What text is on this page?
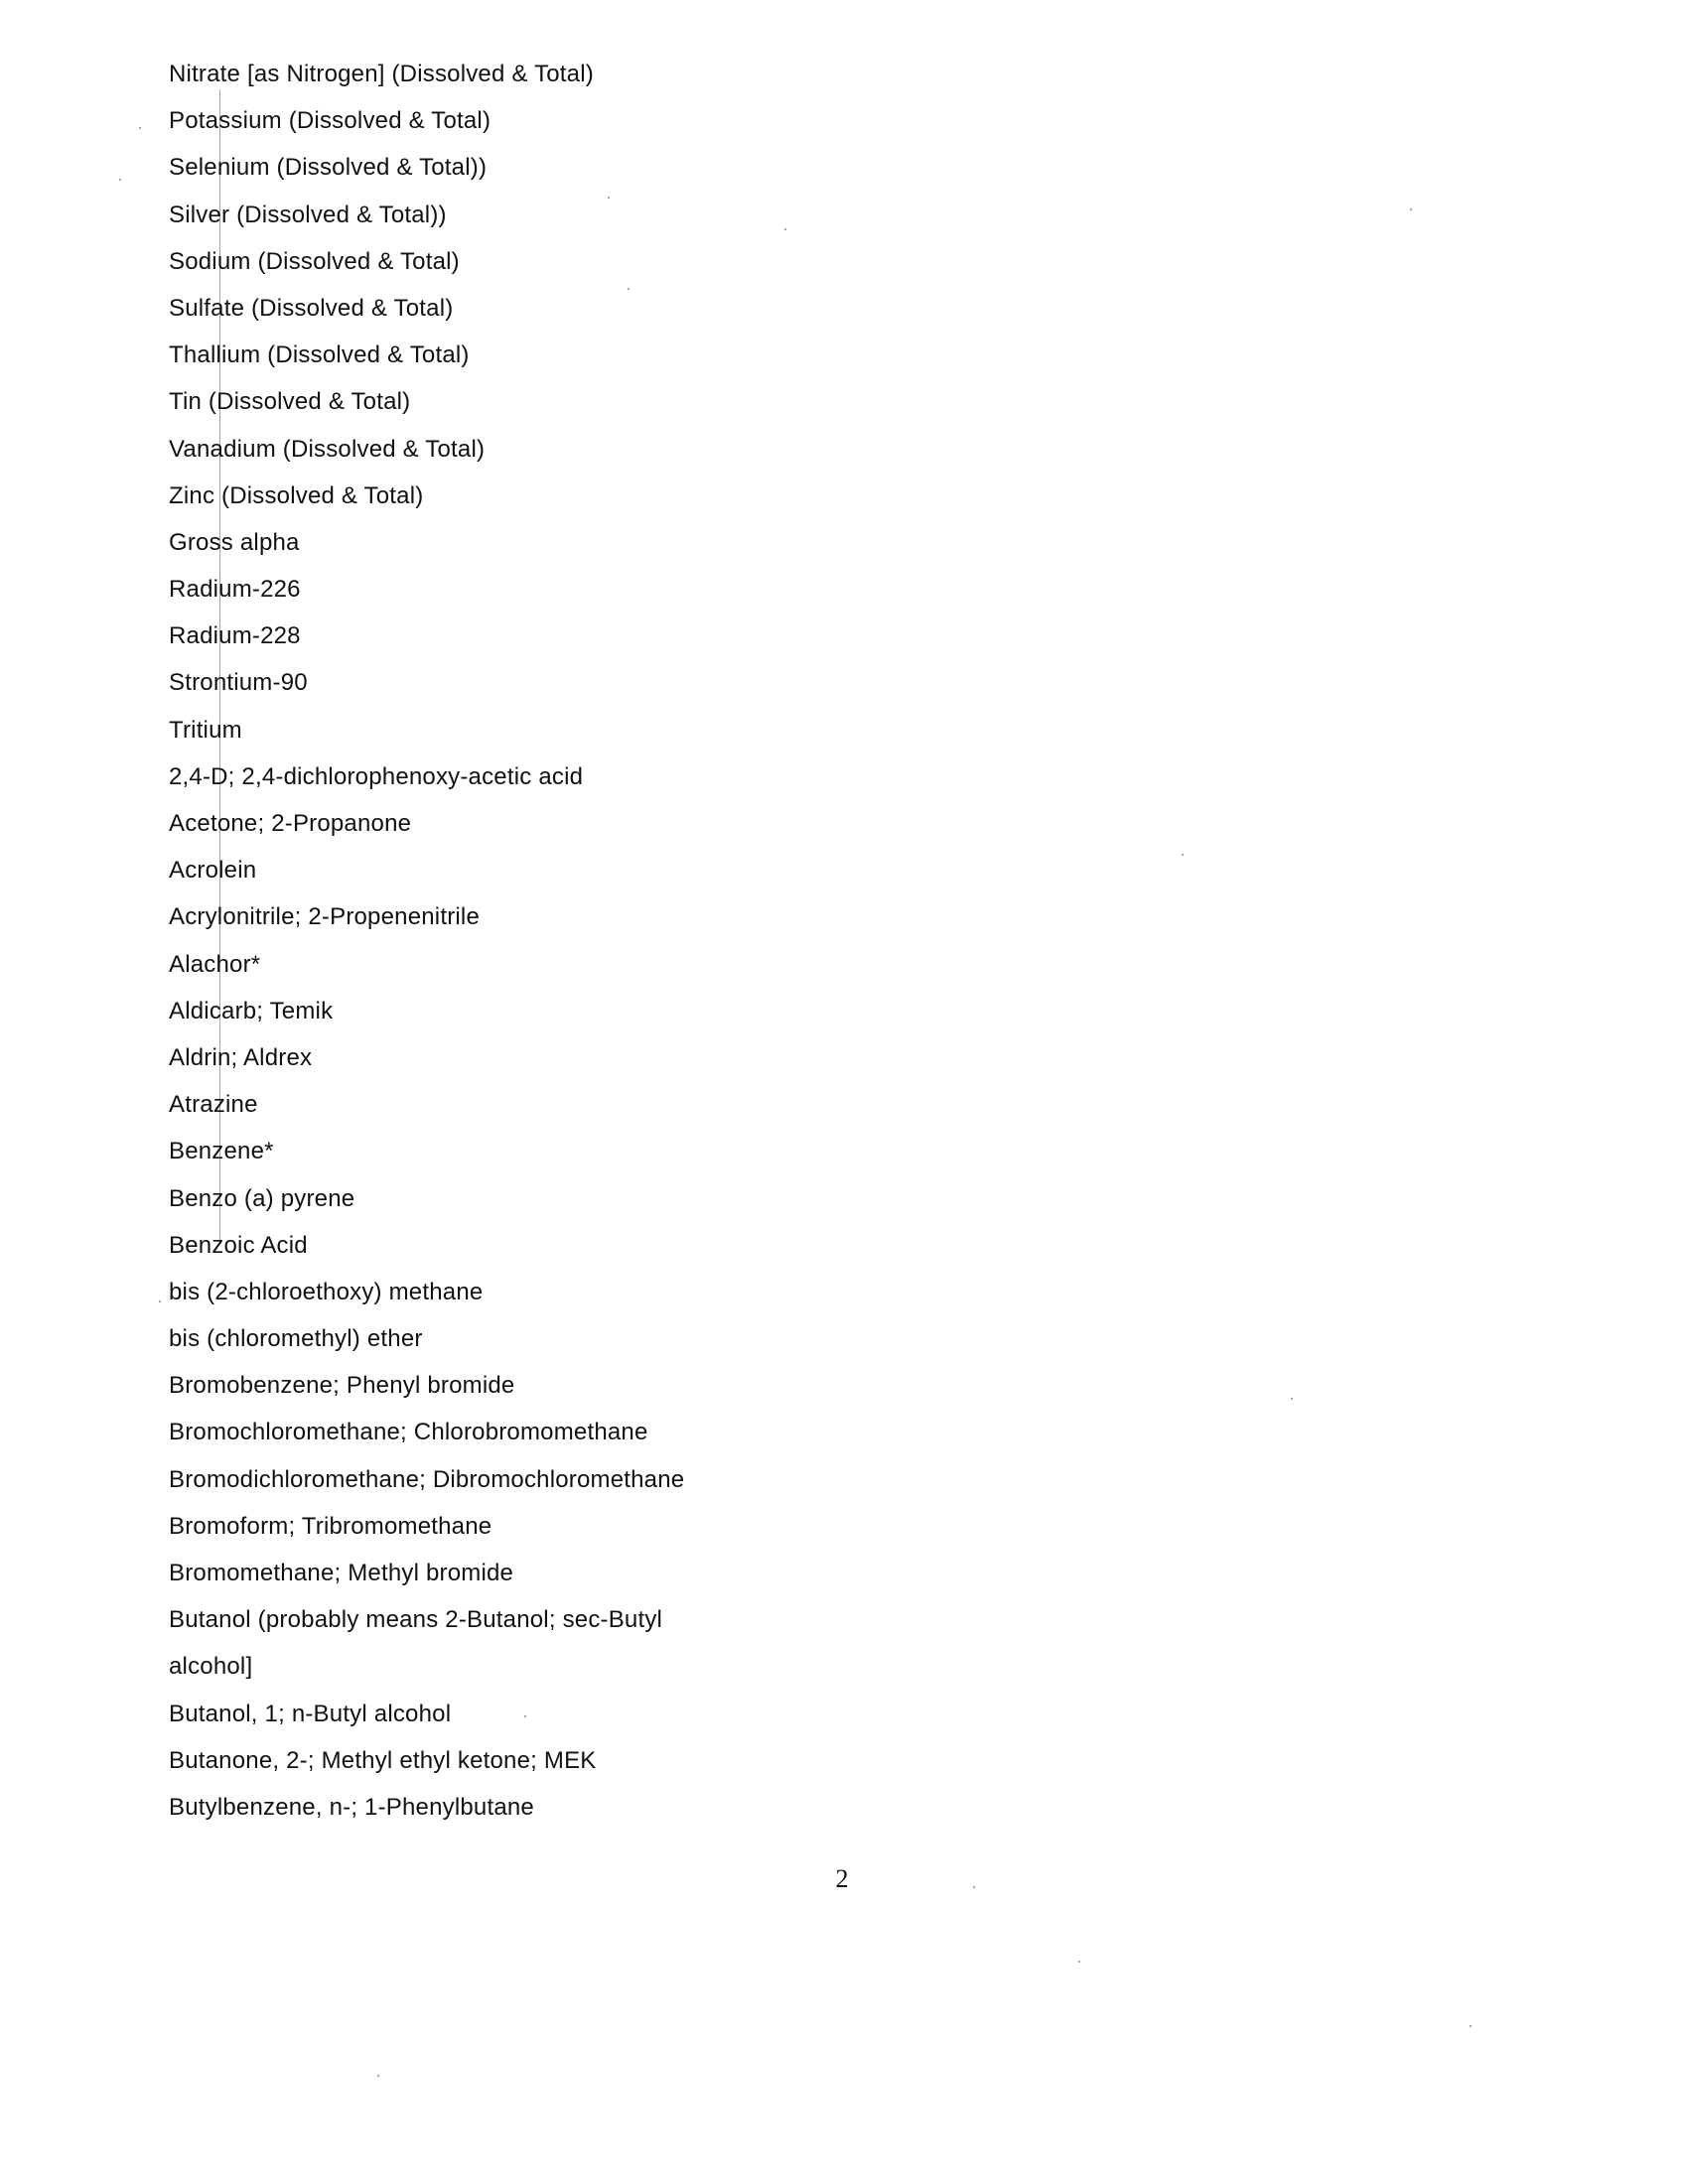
Nitrate [as Nitrogen] (Dissolved & Total)
Potassium (Dissolved & Total)
Selenium (Dissolved & Total))
Silver (Dissolved & Total))
Sodium (Dissolved & Total)
Sulfate (Dissolved & Total)
Thallium (Dissolved & Total)
Tin (Dissolved & Total)
Vanadium (Dissolved & Total)
Zinc (Dissolved & Total)
Gross alpha
Radium-226
Radium-228
Strontium-90
Tritium
2,4-D; 2,4-dichlorophenoxy-acetic acid
Acetone; 2-Propanone
Acrolein
Acrylonitrile; 2-Propenenitrile
Alachor*
Aldicarb; Temik
Aldrin; Aldrex
Atrazine
Benzene*
Benzo (a) pyrene
Benzoic Acid
bis (2-chloroethoxy) methane
bis (chloromethyl) ether
Bromobenzene; Phenyl bromide
Bromochloromethane; Chlorobromomethane
Bromodichloromethane; Dibromochloromethane
Bromoform; Tribromomethane
Bromomethane; Methyl bromide
Butanol (probably means 2-Butanol; sec-Butyl
alcohol]
Butanol, 1; n-Butyl alcohol
Butanone, 2-; Methyl ethyl ketone; MEK
Butylbenzene, n-; 1-Phenylbutane
2
